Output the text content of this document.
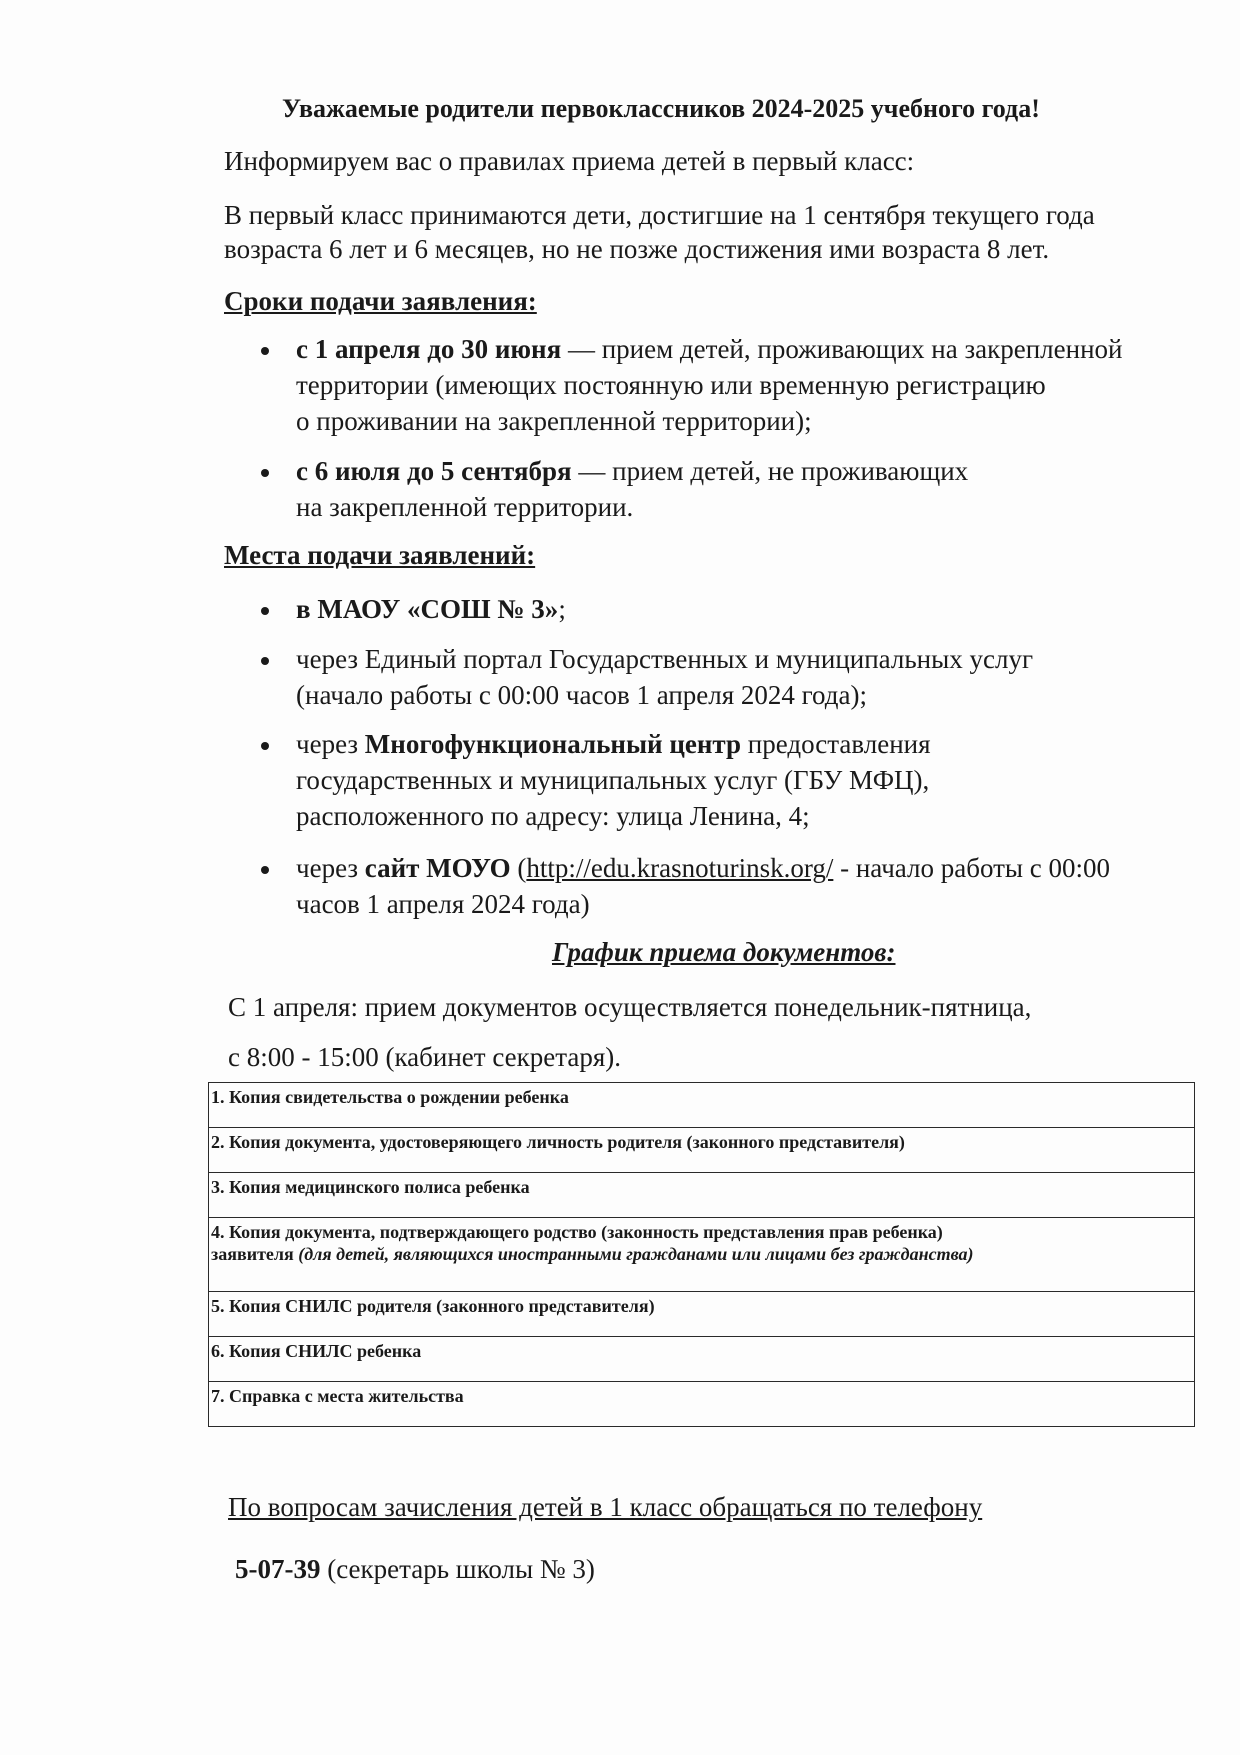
Уважаемые родители первоклассников 2024-2025 учебного года!
Информируем вас о правилах приема детей в первый класс:
В первый класс принимаются дети, достигшие на 1 сентября текущего года
возраста 6 лет и 6 месяцев, но не позже достижения ими возраста 8 лет.
Сроки подачи заявления:
с 1 апреля до 30 июня — прием детей, проживающих на закрепленной
территории (имеющих постоянную или временную регистрацию
о проживании на закрепленной территории);
с 6 июля до 5 сентября — прием детей, не проживающих
на закрепленной территории.
Места подачи заявлений:
в МАОУ «СОШ № 3»;
через Единый портал Государственных и муниципальных услуг
(начало работы с 00:00 часов 1 апреля 2024 года);
через Многофункциональный центр предоставления
государственных и муниципальных услуг (ГБУ МФЦ),
расположенного по адресу: улица Ленина, 4;
через сайт МОУО (http://edu.krasnoturinsk.org/ - начало работы с 00:00
часов 1 апреля 2024 года)
График приема документов:
С 1 апреля: прием документов осуществляется понедельник-пятница,
с 8:00 - 15:00 (кабинет секретаря).
1. Копия свидетельства о рождении ребенка
2. Копия документа, удостоверяющего личность родителя (законного представителя)
3. Копия медицинского полиса ребенка

4. Копия документа, подтверждающего родство (законность представления прав ребенка)
заявителя (для детей, являющихся иностранными гражданами или лицами без гражданства)

5. Копия СНИЛС родителя (законного представителя)
6. Копия СНИЛС ребенка
7. Справка с места жительства
По вопросам зачисления детей в 1 класс обращаться по телефону
5-07-39 (секретарь школы № 3)
